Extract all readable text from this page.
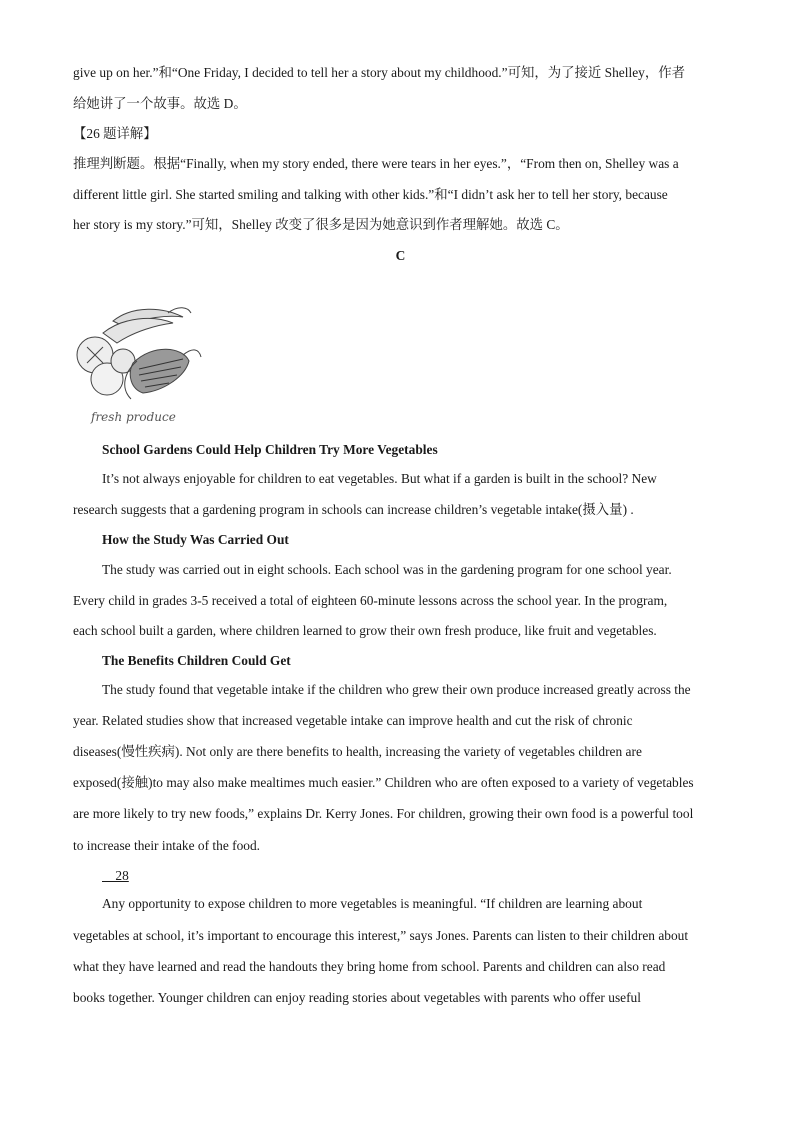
give up on her.”和“One Friday, I decided to tell her a story about my childhood.”可知，为了接近 Shelley，作者
给她讲了一个故事。故选 D。
【26 题详解】
推理判断题。根据“Finally, when my story ended, there were tears in her eyes.”，“From then on, Shelley was a
different little girl. She started smiling and talking with other kids.”和“I didn’t ask her to tell her story, because
her story is my story.”可知，Shelley 改变了很多是因为她意识到作者理解她。故选 C。
C
fresh produce
School Gardens Could Help Children Try More Vegetables
It’s not always enjoyable for children to eat vegetables. But what if a garden is built in the school? New
research suggests that a gardening program in schools can increase children’s vegetable intake(摄入量) .
How the Study Was Carried Out
The study was carried out in eight schools. Each school was in the gardening program for one school year.
Every child in grades 3-5 received a total of eighteen 60-minute lessons across the school year. In the program,
each school built a garden, where children learned to grow their own fresh produce, like fruit and vegetables.
The Benefits Children Could Get
The study found that vegetable intake if the children who grew their own produce increased greatly across the
year. Related studies show that increased vegetable intake can improve health and cut the risk of chronic
diseases(慢性疾病). Not only are there benefits to health, increasing the variety of vegetables children are
exposed(接触)to may also make mealtimes much easier.” Children who are often exposed to a variety of vegetables
are more likely to try new foods,” explains Dr. Kerry Jones. For children, growing their own food is a powerful tool
to increase their intake of the food.
28
Any opportunity to expose children to more vegetables is meaningful. “If children are learning about
vegetables at school, it’s important to encourage this interest,” says Jones. Parents can listen to their children about
what they have learned and read the handouts they bring home from school. Parents and children can also read
books together. Younger children can enjoy reading stories about vegetables with parents who offer useful
